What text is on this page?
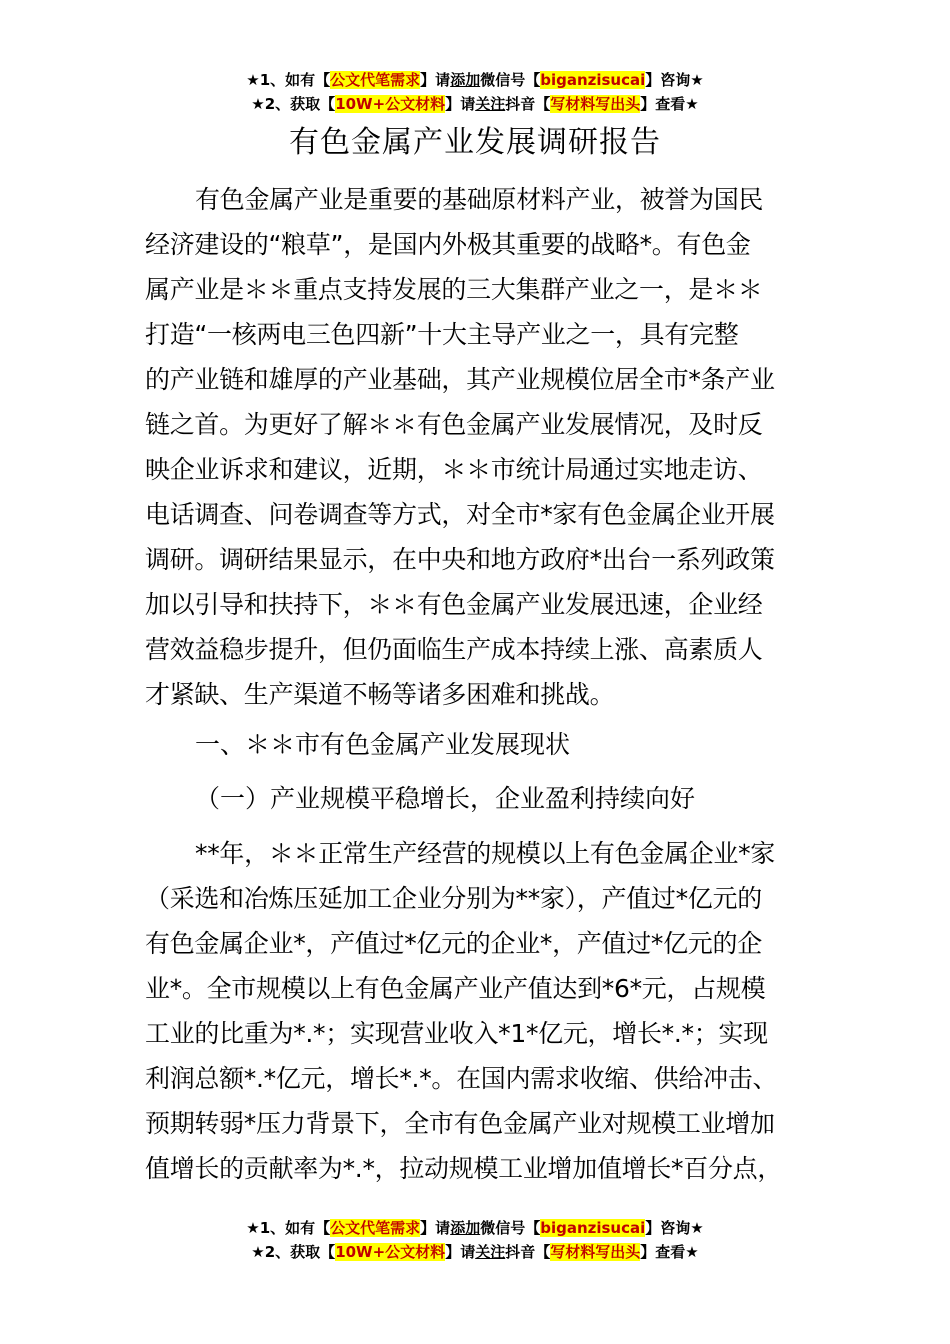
★1、如有【公文代笔需求】请添加微信号【biganzisucai】咨询★
★2、获取【10W+公文材料】请关注抖音【写材料写出头】查看★
有色金属产业发展调研报告
有色金属产业是重要的基础原材料产业，被誉为国民
经济建设的“粮草”，是国内外极其重要的战略*。有色金
属产业是＊＊重点支持发展的三大集群产业之一，是＊＊
打造“一核两电三色四新”十大主导产业之一，具有完整
的产业链和雄厚的产业基础，其产业规模位居全市*条产业
链之首。为更好了解＊＊有色金属产业发展情况，及时反
映企业诉求和建议，近期，＊＊市统计局通过实地走访、
电话调查、问卷调查等方式，对全市*家有色金属企业开展
调研。调研结果显示，在中央和地方政府*出台一系列政策
加以引导和扶持下，＊＊有色金属产业发展迅速，企业经
营效益稳步提升，但仍面临生产成本持续上涨、高素质人
才紧缺、生产渠道不畅等诸多困难和挑战。
一、＊＊市有色金属产业发展现状
（一）产业规模平稳增长，企业盈利持续向好
**年，＊＊正常生产经营的规模以上有色金属企业*家
（采选和冶炼压延加工企业分别为**家），产值过*亿元的
有色金属企业*，产值过*亿元的企业*，产值过*亿元的企
业*。全市规模以上有色金属产业产值达到*6*元，占规模
工业的比重为*.*；实现营业收入*1*亿元，增长*.*；实现
利润总额*.*亿元，增长*.*。在国内需求收缩、供给冲击、
预期转弱*压力背景下，全市有色金属产业对规模工业增加
值增长的贡献率为*.*，拉动规模工业增加值增长*百分点，
★1、如有【公文代笔需求】请添加微信号【biganzisucai】咨询★
★2、获取【10W+公文材料】请关注抖音【写材料写出头】查看★
